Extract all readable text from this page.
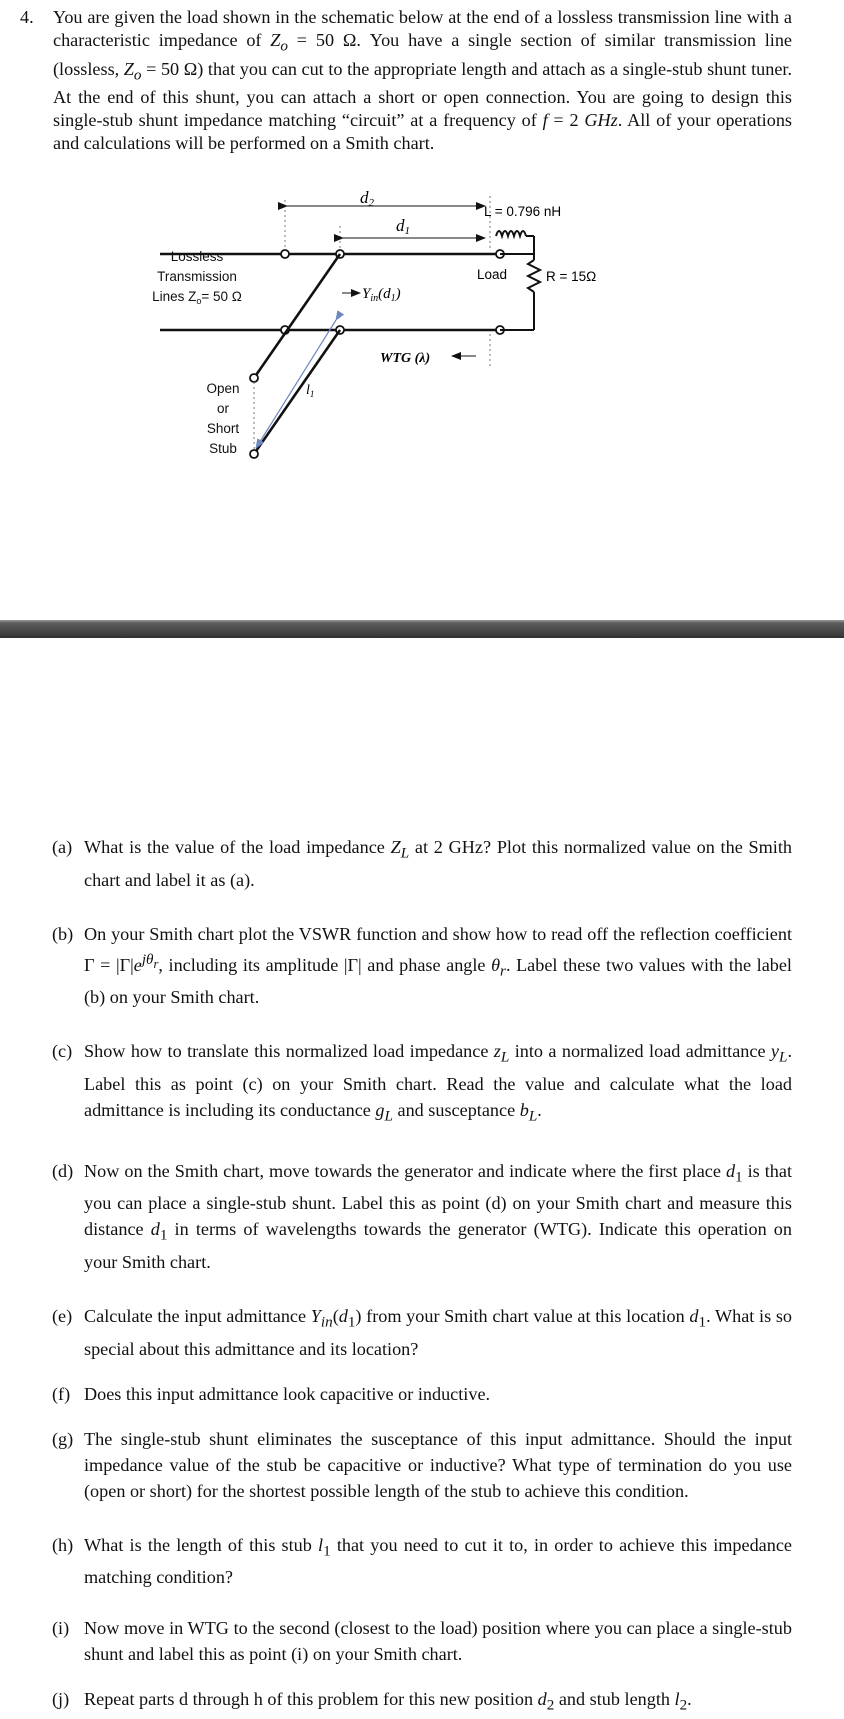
4. You are given the load shown in the schematic below at the end of a lossless transmission line with a characteristic impedance of $Z_o = 50$ Ω. You have a single section of similar transmission line (lossless, $Z_o = 50$ Ω) that you can cut to the appropriate length and attach as a single-stub shunt tuner. At the end of this shunt, you can attach a short or open connection. You are going to design this single-stub shunt impedance matching “circuit” at a frequency of f = 2 GHz. All of your operations and calculations will be performed on a Smith chart.
Lossless
Transmission
Lines $Z_o= 50$ Ω
d2
d1
L = 0.796 nH
Load	R = 15Ω
$Y_{in}(d_1)$
WTG (λ)
$l_1$
Open
or
Short
Stub
(a) What is the value of the load impedance $Z_L$ at 2 GHz? Plot this normalized value on the Smith chart and label it as (a).
(b) On your Smith chart plot the VSWR function and show how to read off the reflection coefficient $\Gamma = |\Gamma|e^{j\theta_r}$, including its amplitude |Γ| and phase angle $\theta_r$. Label these two values with the label (b) on your Smith chart.
(c) Show how to translate this normalized load impedance $z_L$ into a normalized load admittance $y_L$. Label this as point (c) on your Smith chart. Read the value and calculate what the load admittance is including its conductance $g_L$ and susceptance $b_L$.
(d) Now on the Smith chart, move towards the generator and indicate where the first place $d_1$ is that you can place a single-stub shunt. Label this as point (d) on your Smith chart and measure this distance $d_1$ in terms of wavelengths towards the generator (WTG). Indicate this operation on your Smith chart.
(e) Calculate the input admittance $Y_{in}(d_1)$ from your Smith chart value at this location $d_1$. What is so special about this admittance and its location?
(f) Does this input admittance look capacitive or inductive.
(g) The single-stub shunt eliminates the susceptance of this input admittance. Should the input impedance value of the stub be capacitive or inductive? What type of termination do you use (open or short) for the shortest possible length of the stub to achieve this condition.
(h) What is the length of this stub $l_1$ that you need to cut it to, in order to achieve this impedance matching condition?
(i) Now move in WTG to the second (closest to the load) position where you can place a single-stub shunt and label this as point (i) on your Smith chart.
(j) Repeat parts d through h of this problem for this new position $d_2$ and stub length $l_2$.
